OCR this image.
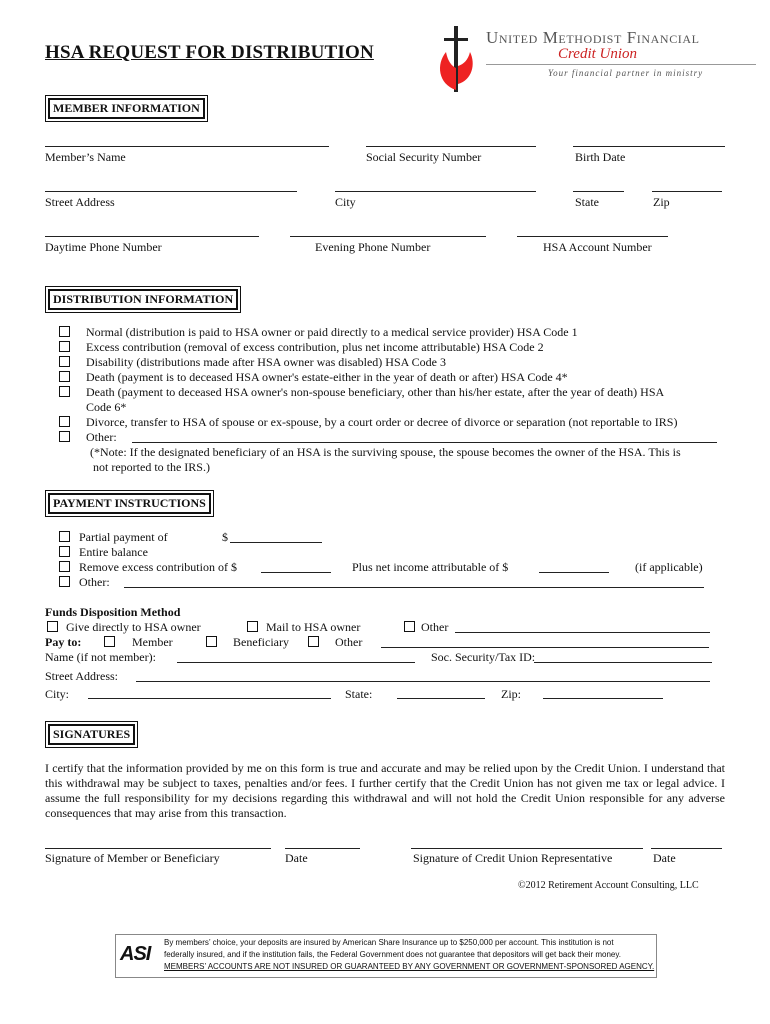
HSA REQUEST FOR DISTRIBUTION
United Methodist Financial
Credit Union
Your financial partner in ministry
MEMBER INFORMATION
Member’s Name	Social Security Number	Birth Date
Street Address	City	State	Zip
Daytime Phone Number	Evening Phone Number	HSA Account Number
DISTRIBUTION INFORMATION
Normal (distribution is paid to HSA owner or paid directly to a medical service provider) HSA Code 1
Excess contribution (removal of excess contribution, plus net income attributable) HSA Code 2
Disability (distributions made after HSA owner was disabled) HSA Code 3
Death (payment is to deceased HSA owner's estate-either in the year of death or after) HSA Code 4*
Death (payment to deceased HSA owner's non-spouse beneficiary, other than his/her estate, after the year of death) HSA
Code 6*
Divorce, transfer to HSA of spouse or ex-spouse, by a court order or decree of divorce or separation (not reportable to IRS)
Other:
(*Note: If the designated beneficiary of an HSA is the surviving spouse, the spouse becomes the owner of the HSA. This is
not reported to the IRS.)
PAYMENT INSTRUCTIONS
Partial payment of	$
Entire balance
Remove excess contribution of $	Plus net income attributable of $	(if applicable)
Other:
Funds Disposition Method
Give directly to HSA owner	Mail to HSA owner	Other
Pay to:	Member	Beneficiary	Other
Name (if not member):	Soc. Security/Tax ID:
Street Address:
City:	State:	Zip:
SIGNATURES
I certify that the information provided by me on this form is true and accurate and may be relied upon by the Credit Union. I understand that this withdrawal may be subject to taxes, penalties and/or fees. I further certify that the Credit Union has not given me tax or legal advice. I assume the full responsibility for my decisions regarding this withdrawal and will not hold the Credit Union responsible for any adverse consequences that may arise from this transaction.
Signature of Member or Beneficiary	Date	Signature of Credit Union Representative	Date
©2012 Retirement Account Consulting, LLC
ASI
By members’ choice, your deposits are insured by American Share Insurance up to $250,000 per account. This institution is not
federally insured, and if the institution fails, the Federal Government does not guarantee that depositors will get back their money.
MEMBERS’ ACCOUNTS ARE NOT INSURED OR GUARANTEED BY ANY GOVERNMENT OR GOVERNMENT-SPONSORED AGENCY.
